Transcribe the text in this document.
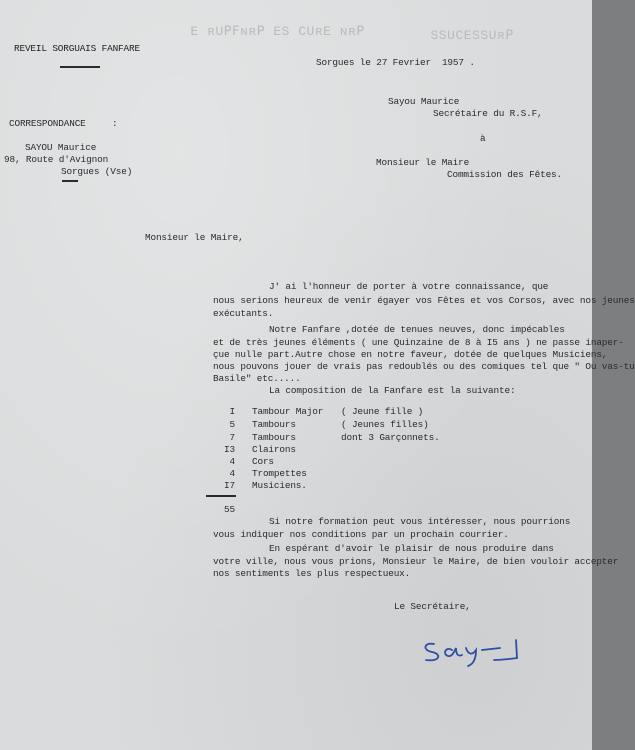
ꟼᴙᴎ ƎᴙUƆ ƧƎ ꟼᴙᴎꟻꟼUᴙ Ǝ	ꟼᴙUƧƧƎƆUƧƧ
REVEIL SORGUAIS FANFARE
Sorgues le 27 Fevrier  1957 .
Sayou Maurice
Secrétaire du R.S.F,
à
CORRESPONDANCE	:
SAYOU Maurice
98, Route d'Avignon
Sorgues (Vse)
Monsieur le Maire
Commission des Fêtes.
Monsieur le Maire,
J' ai l'honneur de porter à votre connaissance, que
nous serions heureux de venir égayer vos Fêtes et vos Corsos, avec nos jeunes
exécutants.
Notre Fanfare ,dotée de tenues neuves, donc impécables
et de très jeunes éléments ( une Quinzaine de 8 à I5 ans ) ne passe inaper-
çue nulle part.Autre chose en notre faveur, dotée de quelques Musiciens,
nous pouvons jouer de vrais pas redoublés ou des comiques tel que " Ou vas-tu
Basile" etc.....
La composition de la Fanfare est la suivante:
I Tambour Major ( Jeune fille )
5 Tambours	( Jeunes filles)
7 Tambours	dont 3 Garçonnets.
I3 Clairons
4 Cors
4 Trompettes
I7 Musiciens.
55
Si notre formation peut vous intéresser, nous pourrions
vous indiquer nos conditions par un prochain courrier.
En espérant d'avoir le plaisir de nous produire dans
votre ville, nous vous prions, Monsieur le Maire, de bien vouloir accepter
nos sentiments les plus respectueux.
Le Secrétaire,
